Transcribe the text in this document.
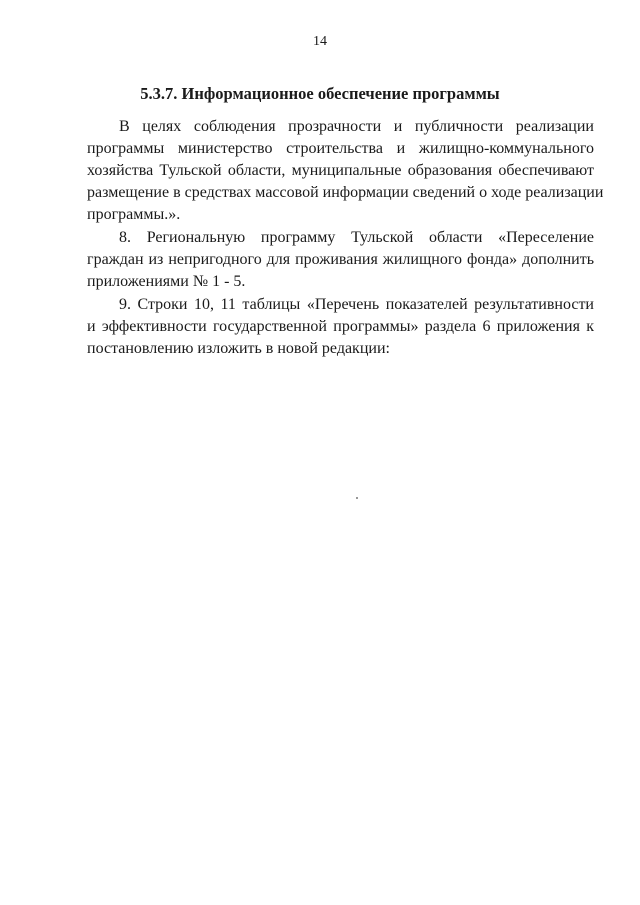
14
5.3.7. Информационное обеспечение программы
В целях соблюдения прозрачности и публичности реализации
программы министерство строительства и жилищно-коммунального
хозяйства Тульской области, муниципальные образования обеспечивают
размещение в средствах массовой информации сведений о ходе реализации
программы.».
8. Региональную программу Тульской области «Переселение
граждан из непригодного для проживания жилищного фонда» дополнить
приложениями № 1 - 5.
9. Строки 10, 11 таблицы «Перечень показателей результативности
и эффективности государственной программы» раздела 6 приложения к
постановлению изложить в новой редакции:
